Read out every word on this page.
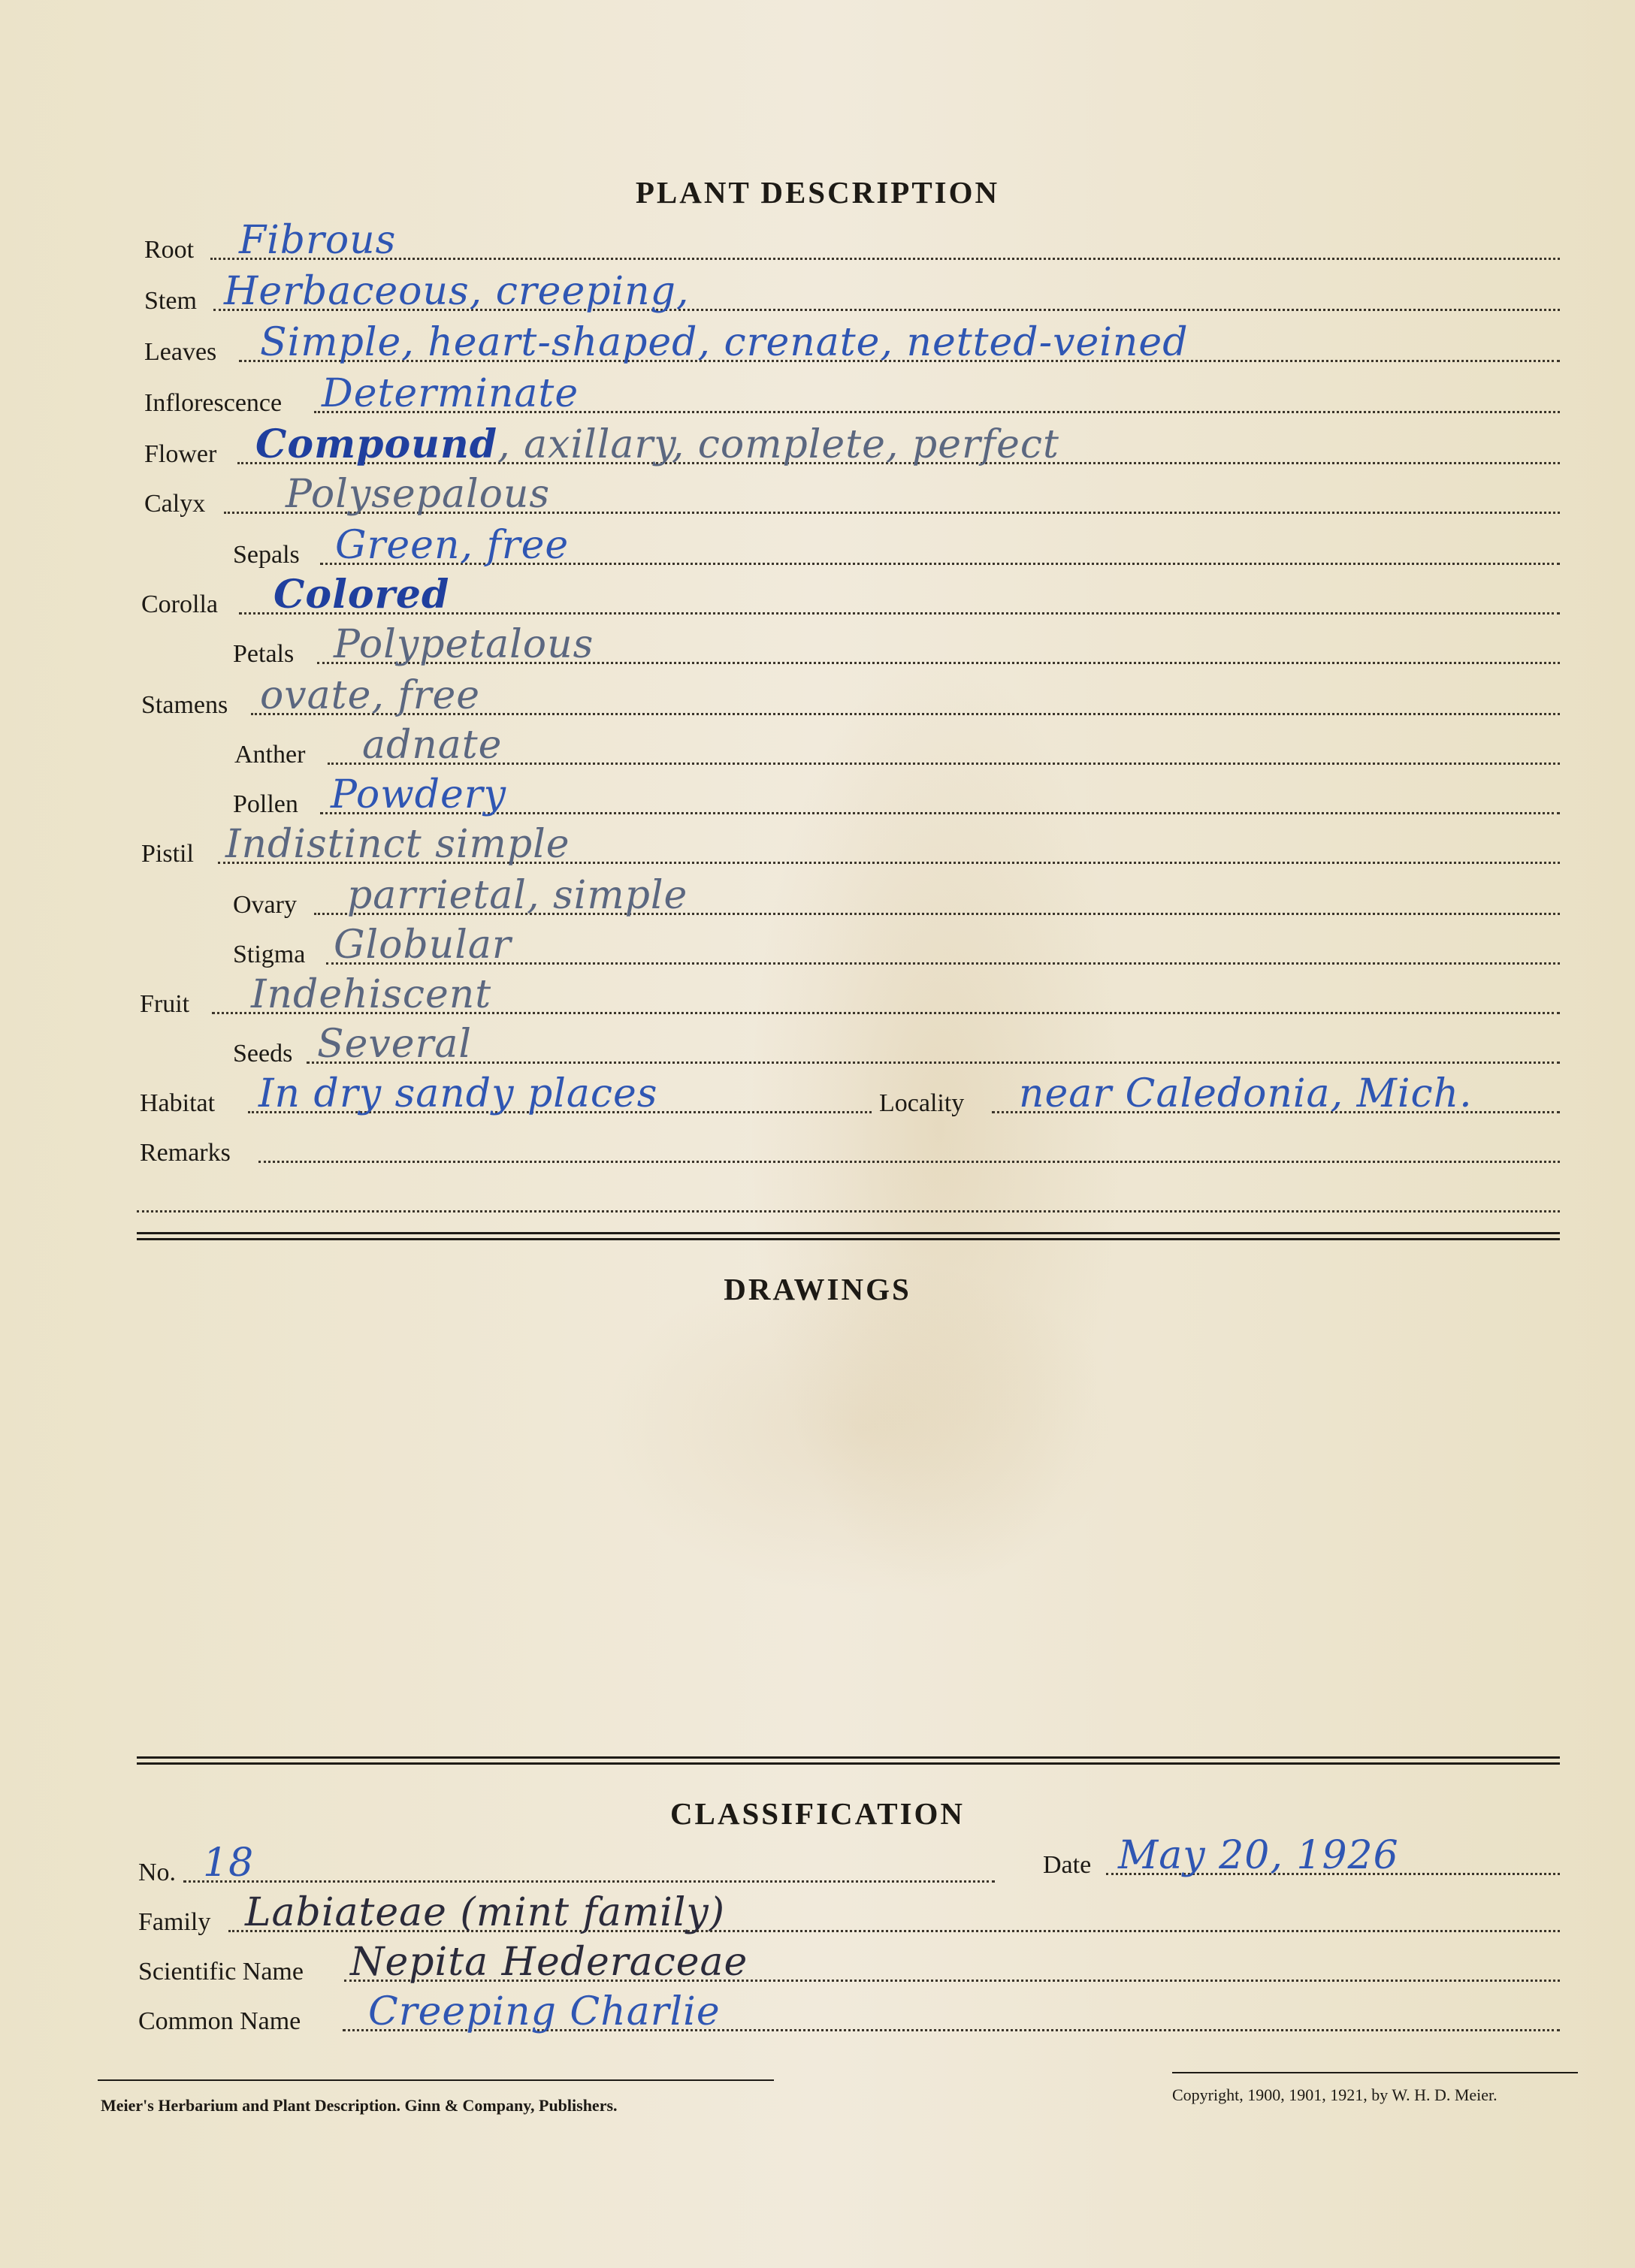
PLANT DESCRIPTION
Root Fibrous
Stem Herbaceous, creeping,
Leaves Simple, heart-shaped, crenate, netted-veined
Inflorescence Determinate
Flower Compound, axillary, complete, perfect
Calyx Polysepalous
Sepals Green, free
Corolla Colored
Petals Polypetalous
Stamens ovate, free
Anther adnate
Pollen Powdery
Pistil Indistinct simple
Ovary parrietal, simple
Stigma Globular
Fruit Indehiscent
Seeds Several
Habitat In dry sandy places	Locality near Caledonia, Mich.
Remarks
DRAWINGS
CLASSIFICATION
No. 18	Date May 20, 1926
Family Labiateae (mint family)
Scientific Name Nepita Hederaceae
Common Name Creeping Charlie
Meier's Herbarium and Plant Description. Ginn & Company, Publishers.
Copyright, 1900, 1901, 1921, by W. H. D. Meier.
